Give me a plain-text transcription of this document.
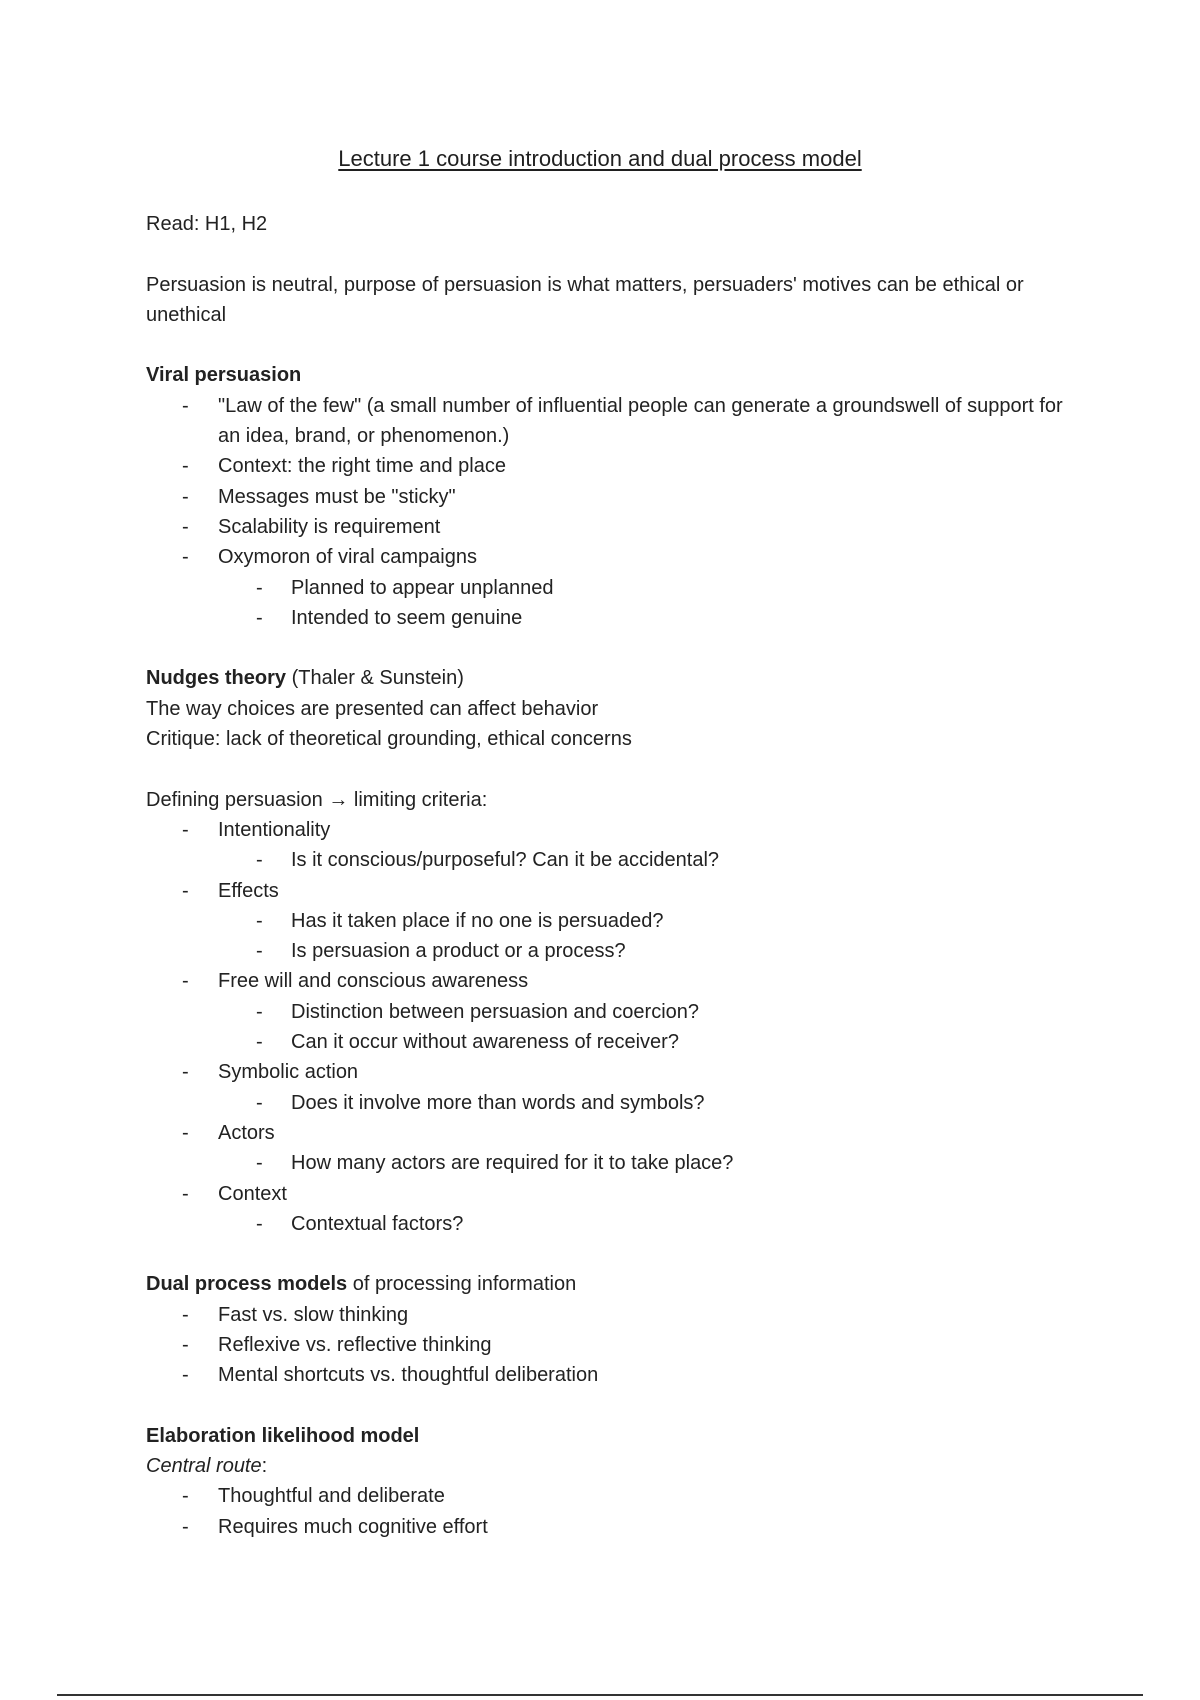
Lecture 1 course introduction and dual process model

Read: H1, H2

Persuasion is neutral, purpose of persuasion is what matters, persuaders' motives can be ethical or unethical

Viral persuasion

- "Law of the few" (a small number of influential people can generate a groundswell of support for an idea, brand, or phenomenon.)
- Context: the right time and place
- Messages must be "sticky"
- Scalability is requirement
- Oxymoron of viral campaigns
- Planned to appear unplanned
- Intended to seem genuine

Nudges theory (Thaler & Sunstein)

The way choices are presented can affect behavior

Critique: lack of theoretical grounding, ethical concerns

Defining persuasion → limiting criteria:

- Intentionality
- Is it conscious/purposeful? Can it be accidental?
- Effects
- Has it taken place if no one is persuaded?
- Is persuasion a product or a process?
- Free will and conscious awareness
- Distinction between persuasion and coercion?
- Can it occur without awareness of receiver?
- Symbolic action
- Does it involve more than words and symbols?
- Actors
- How many actors are required for it to take place?
- Context
- Contextual factors?

Dual process models of processing information

- Fast vs. slow thinking
- Reflexive vs. reflective thinking
- Mental shortcuts vs. thoughtful deliberation

Elaboration likelihood model

Central route:

- Thoughtful and deliberate
- Requires much cognitive effort
